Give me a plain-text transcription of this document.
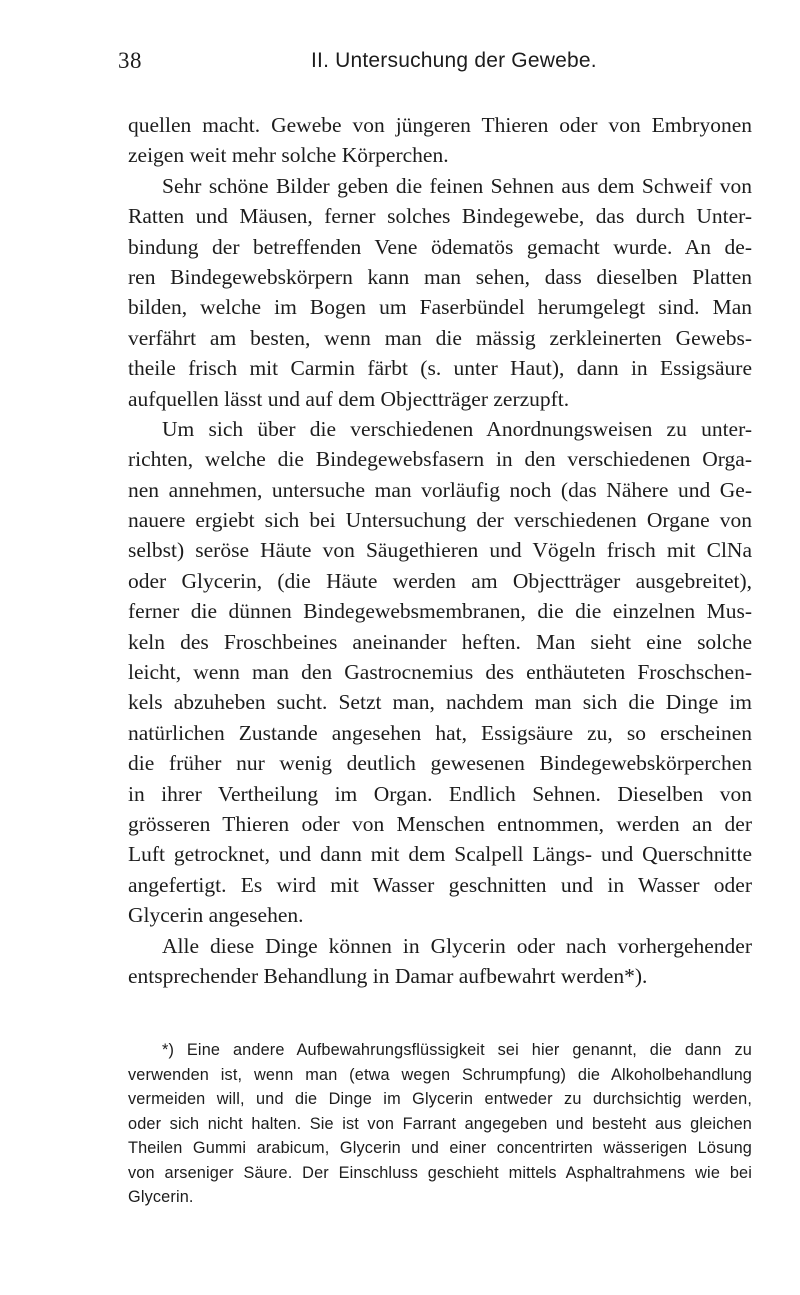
38	II. Untersuchung der Gewebe.
quellen macht. Gewebe von jüngeren Thieren oder von Embryonen
zeigen weit mehr solche Körperchen.
Sehr schöne Bilder geben die feinen Sehnen aus dem Schweif von
Ratten und Mäusen, ferner solches Bindegewebe, das durch Unter-
bindung der betreffenden Vene ödematös gemacht wurde. An de-
ren Bindegewebskörpern kann man sehen, dass dieselben Platten
bilden, welche im Bogen um Faserbündel herumgelegt sind. Man
verfährt am besten, wenn man die mässig zerkleinerten Gewebs-
theile frisch mit Carmin färbt (s. unter Haut), dann in Essigsäure
aufquellen lässt und auf dem Objectträger zerzupft.
Um sich über die verschiedenen Anordnungsweisen zu unter-
richten, welche die Bindegewebsfasern in den verschiedenen Orga-
nen annehmen, untersuche man vorläufig noch (das Nähere und Ge-
nauere ergiebt sich bei Untersuchung der verschiedenen Organe von
selbst) seröse Häute von Säugethieren und Vögeln frisch mit ClNa
oder Glycerin, (die Häute werden am Objectträger ausgebreitet),
ferner die dünnen Bindegewebsmembranen, die die einzelnen Mus-
keln des Froschbeines aneinander heften. Man sieht eine solche
leicht, wenn man den Gastrocnemius des enthäuteten Froschschen-
kels abzuheben sucht. Setzt man, nachdem man sich die Dinge im
natürlichen Zustande angesehen hat, Essigsäure zu, so erscheinen
die früher nur wenig deutlich gewesenen Bindegewebskörperchen
in ihrer Vertheilung im Organ. Endlich Sehnen. Dieselben von
grösseren Thieren oder von Menschen entnommen, werden an der
Luft getrocknet, und dann mit dem Scalpell Längs- und Querschnitte
angefertigt. Es wird mit Wasser geschnitten und in Wasser oder
Glycerin angesehen.
Alle diese Dinge können in Glycerin oder nach vorhergehender
entsprechender Behandlung in Damar aufbewahrt werden*).
*) Eine andere Aufbewahrungsflüssigkeit sei hier genannt, die dann zu
verwenden ist, wenn man (etwa wegen Schrumpfung) die Alkoholbehandlung
vermeiden will, und die Dinge im Glycerin entweder zu durchsichtig werden,
oder sich nicht halten. Sie ist von Farrant angegeben und besteht aus gleichen
Theilen Gummi arabicum, Glycerin und einer concentrirten wässerigen Lösung
von arseniger Säure. Der Einschluss geschieht mittels Asphaltrahmens wie bei
Glycerin.
